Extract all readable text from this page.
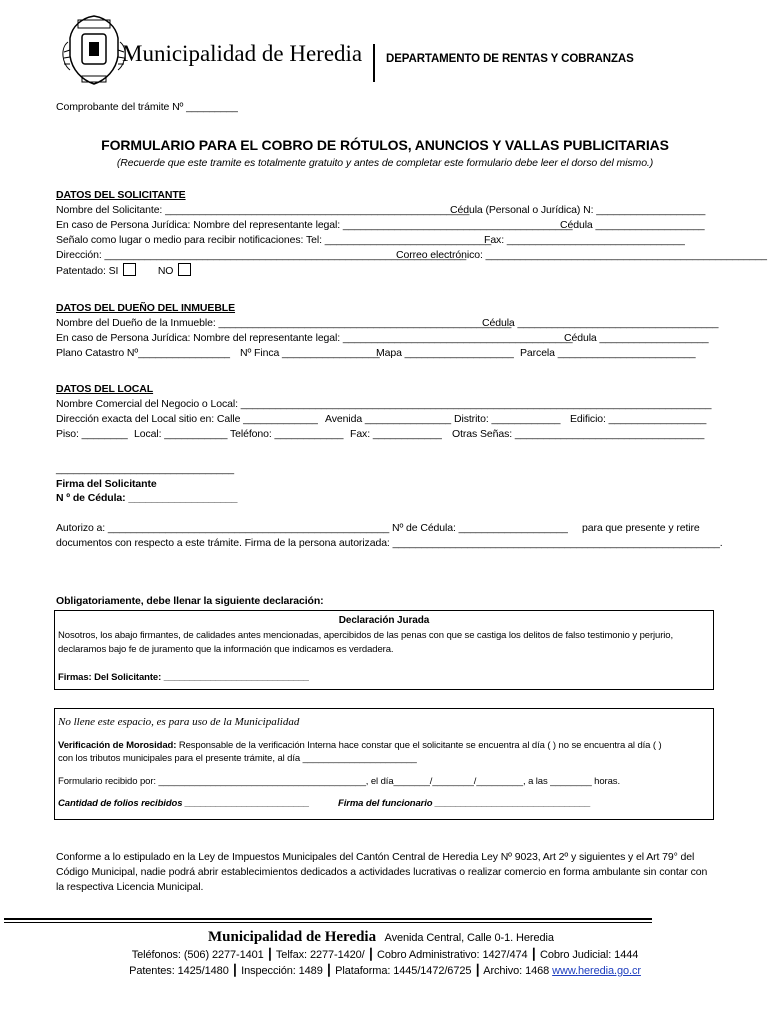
Municipalidad de Heredia DEPARTAMENTO DE RENTAS Y COBRANZAS
Comprobante del trámite Nº _________
FORMULARIO PARA EL COBRO DE RÓTULOS, ANUNCIOS Y VALLAS PUBLICITARIAS
(Recuerde que este tramite es totalmente gratuito y antes de completar este formulario debe leer el dorso del mismo.)
DATOS DEL SOLICITANTE
Nombre del Solicitante: _____________________________________________________
Cédula (Personal o Jurídica) N: ___________________
En caso de Persona Jurídica: Nombre del representante legal: ________________________________________
Cédula ___________________
Señalo como lugar o medio para recibir notificaciones: Tel: _____________________________
Fax: _______________________________
Dirección: _______________________________________________________________
Correo electrónico: _________________________________________________
Patentado: SI	NO
DATOS DEL DUEÑO DEL INMUEBLE
Nombre del Dueño de la Inmueble: ___________________________________________________
Cédula ___________________________________
En caso de Persona Jurídica: Nombre del representante legal: ________________________________________
Cédula ___________________
Plano Catastro Nº________________ Nº Finca _________________
Mapa ___________________ Parcela ________________________
DATOS DEL LOCAL
Nombre Comercial del Negocio o Local: __________________________________________________________________________________
Dirección exacta del Local sitio en: Calle _____________ Avenida _______________ Distrito: ____________ Edificio: _________________
Piso: ________ Local: ___________ Teléfono: ____________ Fax: ____________ Otras Señas: _________________________________
_______________________________
Firma del Solicitante
N º de Cédula: ___________________
Autorizo a: _________________________________________________ Nº de Cédula: ___________________ para que presente y retire
documentos con respecto a este trámite. Firma de la persona autorizada: _________________________________________________________.
Obligatoriamente, debe llenar la siguiente declaración:
Declaración Jurada
Nosotros, los abajo firmantes, de calidades antes mencionadas, apercibidos de las penas con que se castiga los delitos de falso testimonio y perjurio,
declaramos bajo fe de juramento que la información que indicamos es verdadera.
Firmas: Del Solicitante: ____________________________
No llene este espacio, es para uso de la Municipalidad
Verificación de Morosidad: Responsable de la verificación Interna hace constar que el solicitante se encuentra al día ( ) no se encuentra al día ( )
con los tributos municipales para el presente trámite, al día ______________________
Formulario recibido por: ________________________________________, el día_______/________/_________, a las ________ horas.
Cantidad de folios recibidos ________________________	Firma del funcionario ______________________________
Conforme a lo estipulado en la Ley de Impuestos Municipales del Cantón Central de Heredia Ley Nº 9023, Art 2º y siguientes y el Art 79° del
Código Municipal, nadie podrá abrir establecimientos dedicados a actividades lucrativas o realizar comercio en forma ambulante sin contar con
la respectiva Licencia Municipal.
Municipalidad de Heredia Avenida Central, Calle 0-1. Heredia
Teléfonos: (506) 2277-1401 ┃ Telfax: 2277-1420/ ┃ Cobro Administrativo: 1427/474 ┃ Cobro Judicial: 1444
Patentes: 1425/1480 ┃ Inspección: 1489 ┃ Plataforma: 1445/1472/6725 ┃ Archivo: 1468 www.heredia.go.cr
